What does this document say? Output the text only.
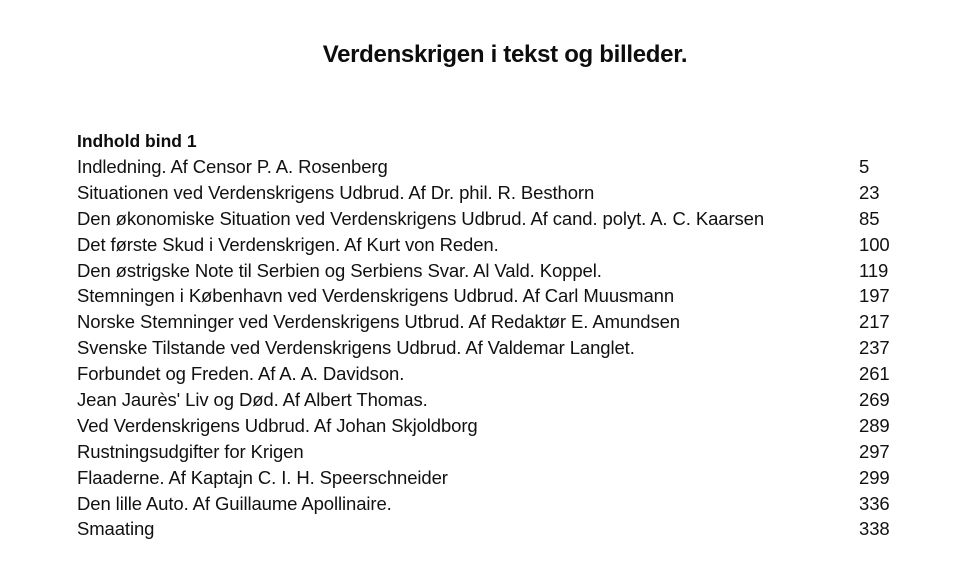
Verdenskrigen i tekst og billeder.
Indhold bind 1
Indledning. Af Censor P. A. Rosenberg	5
Situationen ved Verdenskrigens Udbrud. Af Dr. phil. R. Besthorn	23
Den økonomiske Situation ved Verdenskrigens Udbrud. Af cand. polyt. A. C. Kaarsen	85
Det første Skud i Verdenskrigen. Af Kurt von Reden.	100
Den østrigske Note til Serbien og Serbiens Svar. Al Vald. Koppel.	119
Stemningen i København ved Verdenskrigens Udbrud. Af Carl Muusmann	197
Norske Stemninger ved Verdenskrigens Utbrud. Af Redaktør E. Amundsen	217
Svenske Tilstande ved Verdenskrigens Udbrud. Af Valdemar Langlet.	237
Forbundet og Freden. Af A. A. Davidson.	261
Jean Jaurès' Liv og Død. Af Albert Thomas.	269
Ved Verdenskrigens Udbrud. Af Johan Skjoldborg	289
Rustningsudgifter for Krigen	297
Flaaderne. Af Kaptajn C. I. H. Speerschneider	299
Den lille Auto. Af Guillaume Apollinaire.	336
Smaating	338
